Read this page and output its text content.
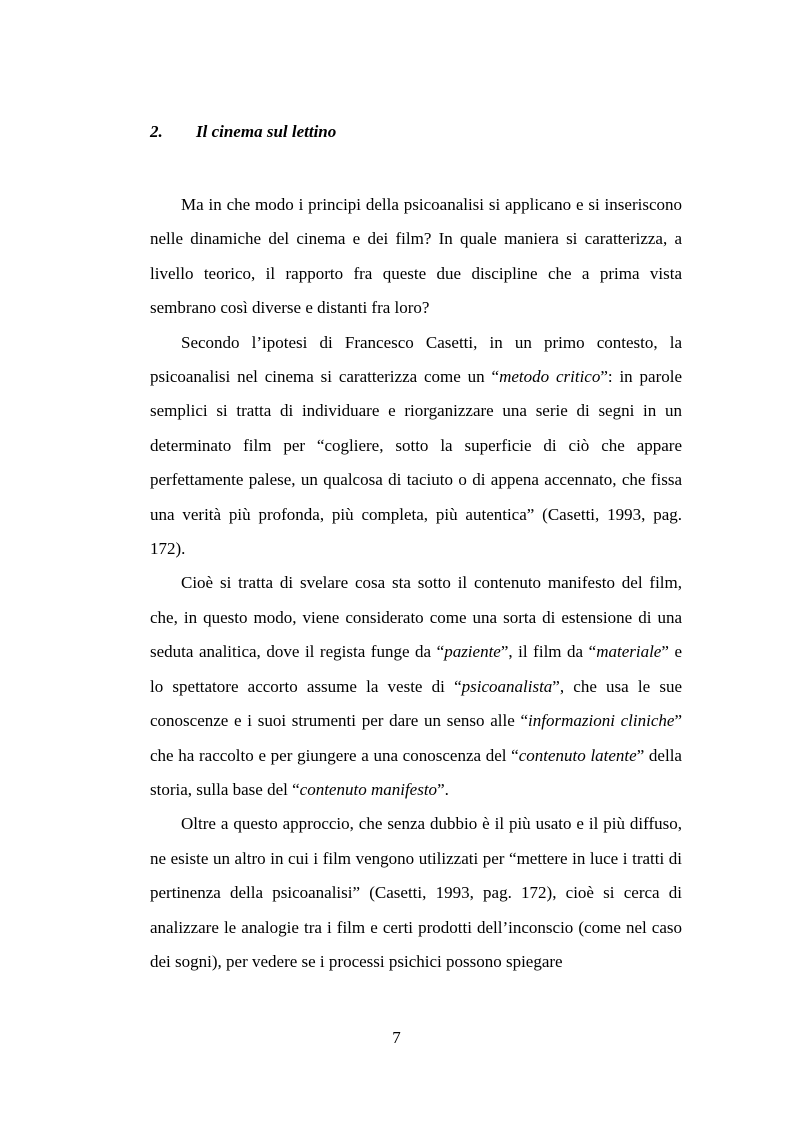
2. Il cinema sul lettino

Ma in che modo i principi della psicoanalisi si applicano e si inseriscono nelle dinamiche del cinema e dei film? In quale maniera si caratterizza, a livello teorico, il rapporto fra queste due discipline che a prima vista sembrano così diverse e distanti fra loro?

Secondo l’ipotesi di Francesco Casetti, in un primo contesto, la psicoanalisi nel cinema si caratterizza come un “metodo critico”: in parole semplici si tratta di individuare e riorganizzare una serie di segni in un determinato film per “cogliere, sotto la superficie di ciò che appare perfettamente palese, un qualcosa di taciuto o di appena accennato, che fissa una verità più profonda, più completa, più autentica” (Casetti, 1993, pag. 172).

Cioè si tratta di svelare cosa sta sotto il contenuto manifesto del film, che, in questo modo, viene considerato come una sorta di estensione di una seduta analitica, dove il regista funge da “paziente”, il film da “materiale” e lo spettatore accorto assume la veste di “psicoanalista”, che usa le sue conoscenze e i suoi strumenti per dare un senso alle “informazioni cliniche” che ha raccolto e per giungere a una conoscenza del “contenuto latente” della storia, sulla base del “contenuto manifesto”.

Oltre a questo approccio, che senza dubbio è il più usato e il più diffuso, ne esiste un altro in cui i film vengono utilizzati per “mettere in luce i tratti di pertinenza della psicoanalisi” (Casetti, 1993, pag. 172), cioè si cerca di analizzare le analogie tra i film e certi prodotti dell’inconscio (come nel caso dei sogni), per vedere se i processi psichici possono spiegare

7
